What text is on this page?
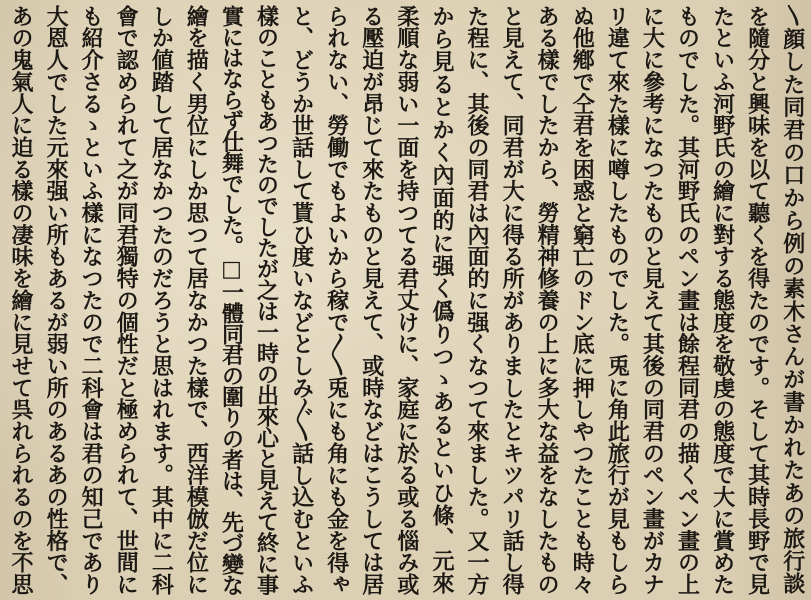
〵顔した同君の口から例の素木さんが書かれたあの旅行談
を隨分と興味を以て聽くを得たのです。そして其時長野で見
たといふ河野氏の繪に對する態度を敬虔の態度で大に賞めた
ものでした。其河野氏のペン畫は餘程同君の描くペン畫の上
に大に參考になつたものと見えて其後の同君のペン畫がカナ
リ違て來た樣に噂したものでした。兎に角此旅行が見もしら
ぬ他鄕で仝君を困惑と窮亡のドン底に押しやつたことも時々
ある樣でしたから、勞精神修養の上に多大な益をなしたもの
と見えて、同君が大に得る所がありましたとキツパリ話し得
た程に、其後の同君は內面的に强くなつて來ました。又一方
から見るとかく內面的に强く僞りつゝあるといひ條、元來
柔順な弱い一面を持つてる君丈けに、家庭に於る或る惱み或
る壓迫が昂じて來たものと見えて、或時などはこうしては居
られない、勞働でもよいから稼で〳〵兎にも角にも金を得ゃ
と、どうか世話して貰ひ度いなどとしみ〴〵話し込むといふ
樣のこともあつたのでしたが之は一時の出來心と見えて終に事
實にはならず仕舞でした。□一體同君の圍りの者は、先づ變な
繪を描く男位にしか思つて居なかつた樣で、西洋模倣だ位に
しか値踏して居なかつたのだろうと思はれます。其中に二科
會で認められて之が同君獨特の個性だと極められて、世間に
も紹介さるゝといふ樣になつたので二科會は君の知己であり
大恩人でした元來强い所もあるが弱い所のあるあの性格で、
あの鬼氣人に迫る樣の凄味を繪に見せて呉れられるのを不思
